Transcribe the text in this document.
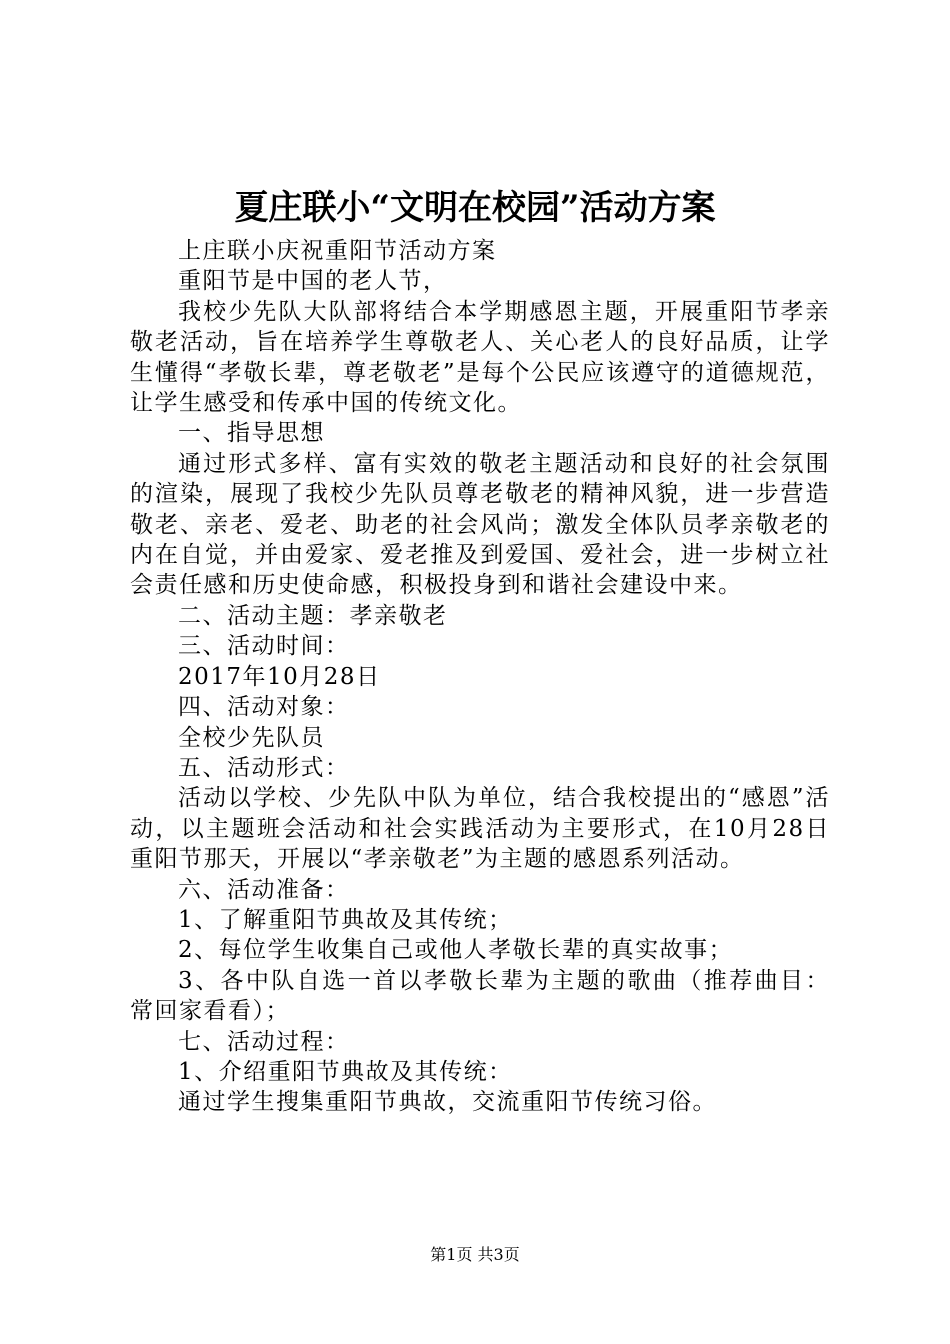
夏庄联小“文明在校园”活动方案

上庄联小庆祝重阳节活动方案

重阳节是中国的老人节，

我校少先队大队部将结合本学期感恩主题，开展重阳节孝亲敬老活动，旨在培养学生尊敬老人、关心老人的良好品质，让学生懂得“孝敬长辈，尊老敬老”是每个公民应该遵守的道德规范，让学生感受和传承中国的传统文化。

一、指导思想

通过形式多样、富有实效的敬老主题活动和良好的社会氛围的渲染，展现了我校少先队员尊老敬老的精神风貌，进一步营造敬老、亲老、爱老、助老的社会风尚；激发全体队员孝亲敬老的内在自觉，并由爱家、爱老推及到爱国、爱社会，进一步树立社会责任感和历史使命感，积极投身到和谐社会建设中来。

二、活动主题：孝亲敬老

三、活动时间：

2017年10月28日

四、活动对象：

全校少先队员

五、活动形式：

活动以学校、少先队中队为单位，结合我校提出的“感恩”活动，以主题班会活动和社会实践活动为主要形式，在10月28日重阳节那天，开展以“孝亲敬老”为主题的感恩系列活动。

六、活动准备：

1、了解重阳节典故及其传统；

2、每位学生收集自己或他人孝敬长辈的真实故事；

3、各中队自选一首以孝敬长辈为主题的歌曲（推荐曲目：常回家看看）；

七、活动过程：

1、介绍重阳节典故及其传统：

通过学生搜集重阳节典故，交流重阳节传统习俗。

第1页 共3页
